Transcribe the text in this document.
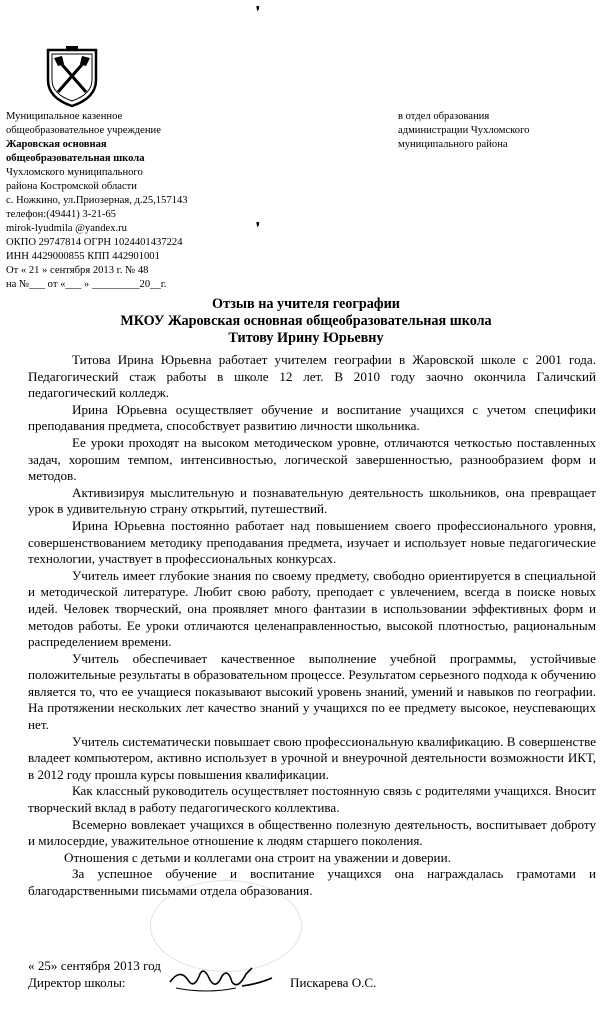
Муниципальное казенное
общеобразовательное учреждение
Жаровская основная
общеобразовательная школа
Чухломского муниципального
района Костромской области
с. Ножкино, ул.Приозерная, д.25,157143
телефон:(49441) 3-21-65
mirok-lyudmila @yandex.ru
ОКПО 29747814 ОГРН 1024401437224
ИНН 4429000855 КПП 442901001
От « 21 » сентября 2013 г. № 48
на №___ от «___ » _________20__г.
в отдел образования
администрации Чухломского
муниципального района
❜
❜
Отзыв на учителя географии
МКОУ Жаровская основная общеобразовательная школа
Титову Ирину Юрьевну

Титова Ирина Юрьевна работает учителем географии в Жаровской школе с 2001 года. Педагогический стаж работы в школе 12 лет. В 2010 году заочно окончила Галичский педагогический колледж.

Ирина Юрьевна осуществляет обучение и воспитание учащихся с учетом специфики преподавания предмета, способствует развитию личности школьника.

Ее уроки проходят на высоком методическом уровне, отличаются четкостью поставленных задач, хорошим темпом, интенсивностью, логической завершенностью, разнообразием форм и методов.

Активизируя мыслительную и познавательную деятельность школьников, она превращает урок в удивительную страну открытий, путешествий.

Ирина Юрьевна постоянно работает над повышением своего профессионального уровня, совершенствованием методику преподавания предмета, изучает и использует новые педагогические технологии, участвует в профессиональных конкурсах.

Учитель имеет глубокие знания по своему предмету, свободно ориентируется в специальной и методической литературе. Любит свою работу, преподает с увлечением, всегда в поиске новых идей. Человек творческий, она проявляет много фантазии в использовании эффективных форм и методов работы. Ее уроки отличаются целенаправленностью, высокой плотностью, рациональным распределением времени.

Учитель обеспечивает качественное выполнение учебной программы, устойчивые положительные результаты в образовательном процессе. Результатом серьезного подхода к обучению является то, что ее учащиеся показывают высокий уровень знаний, умений и навыков по географии. На протяжении нескольких лет качество знаний у учащихся по ее предмету высокое, неуспевающих нет.

Учитель систематически повышает свою профессиональную квалификацию. В совершенстве владеет компьютером, активно использует в урочной и внеурочной деятельности возможности ИКТ, в 2012 году прошла курсы повышения квалификации.

Как классный руководитель осуществляет постоянную связь с родителями учащихся. Вносит творческий вклад в работу педагогического коллектива.

Всемерно вовлекает учащихся в общественно полезную деятельность, воспитывает доброту и милосердие, уважительное отношение к людям старшего поколения.

Отношения с детьми и коллегами она строит на уважении и доверии.

За успешное обучение и воспитание учащихся она награждалась грамотами и благодарственными письмами отдела образования.

« 25» сентября 2013 год
Директор школы:	Пискарева О.С.
